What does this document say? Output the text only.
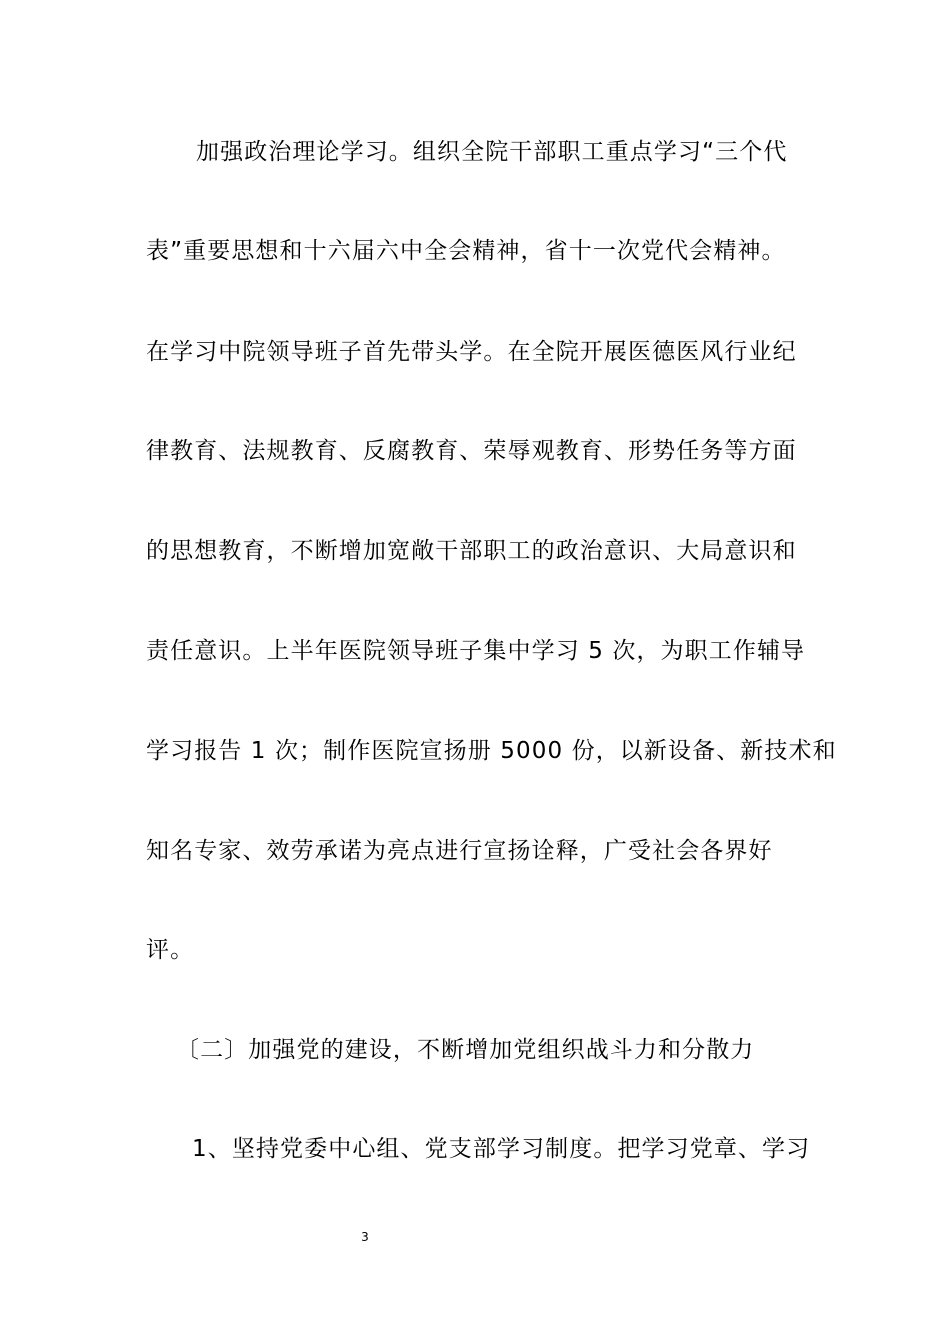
加强政治理论学习。组织全院干部职工重点学习“三个代
表”重要思想和十六届六中全会精神，省十一次党代会精神。
在学习中院领导班子首先带头学。在全院开展医德医风行业纪
律教育、法规教育、反腐教育、荣辱观教育、形势任务等方面
的思想教育，不断增加宽敞干部职工的政治意识、大局意识和
责任意识。上半年医院领导班子集中学习 5 次，为职工作辅导
学习报告 1 次；制作医院宣扬册 5000 份，以新设备、新技术和
知名专家、效劳承诺为亮点进行宣扬诠释，广受社会各界好
评。
〔二〕加强党的建设，不断增加党组织战斗力和分散力
1、坚持党委中心组、党支部学习制度。把学习党章、学习
3
